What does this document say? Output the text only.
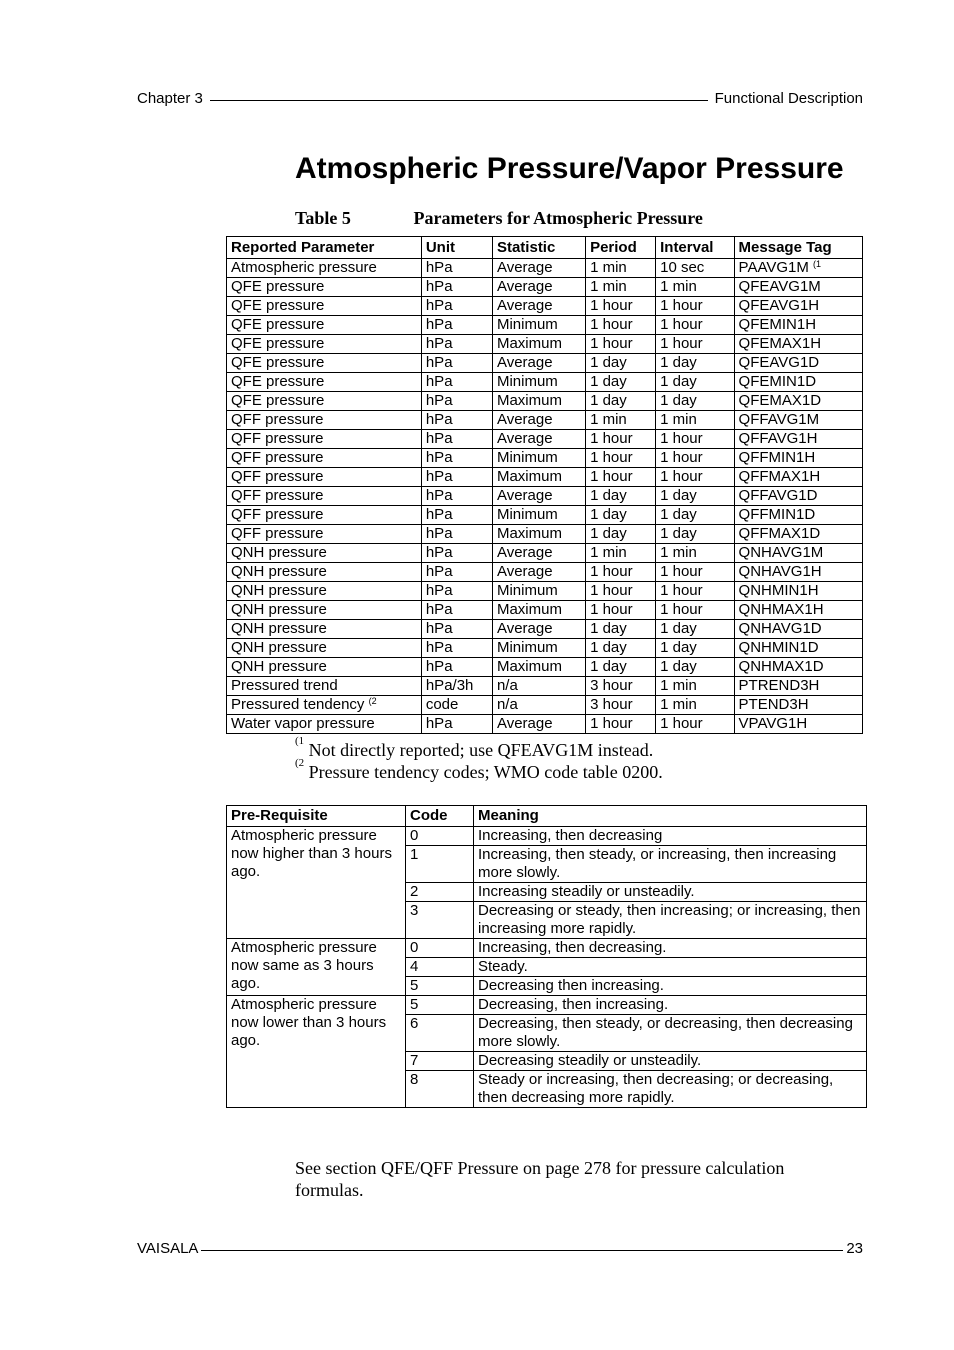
Chapter 3	Functional Description
Atmospheric Pressure/Vapor Pressure
Table 5	Parameters for Atmospheric Pressure
Reported Parameter	Unit	Statistic	Period	Interval	Message Tag
Atmospheric pressure	hPa	Average	1 min	10 sec	PAAVG1M $^{(1}$
QFE pressure	hPa	Average	1 min	1 min	QFEAVG1M
QFE pressure	hPa	Average	1 hour	1 hour	QFEAVG1H
QFE pressure	hPa	Minimum	1 hour	1 hour	QFEMIN1H
QFE pressure	hPa	Maximum	1 hour	1 hour	QFEMAX1H
QFE pressure	hPa	Average	1 day	1 day	QFEAVG1D
QFE pressure	hPa	Minimum	1 day	1 day	QFEMIN1D
QFE pressure	hPa	Maximum	1 day	1 day	QFEMAX1D
QFF pressure	hPa	Average	1 min	1 min	QFFAVG1M
QFF pressure	hPa	Average	1 hour	1 hour	QFFAVG1H
QFF pressure	hPa	Minimum	1 hour	1 hour	QFFMIN1H
QFF pressure	hPa	Maximum	1 hour	1 hour	QFFMAX1H
QFF pressure	hPa	Average	1 day	1 day	QFFAVG1D
QFF pressure	hPa	Minimum	1 day	1 day	QFFMIN1D
QFF pressure	hPa	Maximum	1 day	1 day	QFFMAX1D
QNH pressure	hPa	Average	1 min	1 min	QNHAVG1M
QNH pressure	hPa	Average	1 hour	1 hour	QNHAVG1H
QNH pressure	hPa	Minimum	1 hour	1 hour	QNHMIN1H
QNH pressure	hPa	Maximum	1 hour	1 hour	QNHMAX1H
QNH pressure	hPa	Average	1 day	1 day	QNHAVG1D
QNH pressure	hPa	Minimum	1 day	1 day	QNHMIN1D
QNH pressure	hPa	Maximum	1 day	1 day	QNHMAX1D
Pressured trend	hPa/3h	n/a	3 hour	1 min	PTREND3H
Pressured tendency $^{(2}$	code	n/a	3 hour	1 min	PTEND3H
Water vapor pressure	hPa	Average	1 hour	1 hour	VPAVG1H
$^{(1}$ Not directly reported; use QFEAVG1M instead.
$^{(2}$ Pressure tendency codes; WMO code table 0200.
Pre-Requisite	Code	Meaning
Atmospheric pressure now higher than 3 hours ago.	0	Increasing, then decreasing
	1	Increasing, then steady, or increasing, then increasing more slowly.
	2	Increasing steadily or unsteadily.
	3	Decreasing or steady, then increasing; or increasing, then increasing more rapidly.
Atmospheric pressure now same as 3 hours ago.	0	Increasing, then decreasing.
	4	Steady.
	5	Decreasing then increasing.
Atmospheric pressure now lower than 3 hours ago.	5	Decreasing, then increasing.
	6	Decreasing, then steady, or decreasing, then decreasing more slowly.
	7	Decreasing steadily or unsteadily.
	8	Steady or increasing, then decreasing; or decreasing, then decreasing more rapidly.

See section QFE/QFF Pressure on page 278 for pressure calculation formulas.

VAISALA	23
